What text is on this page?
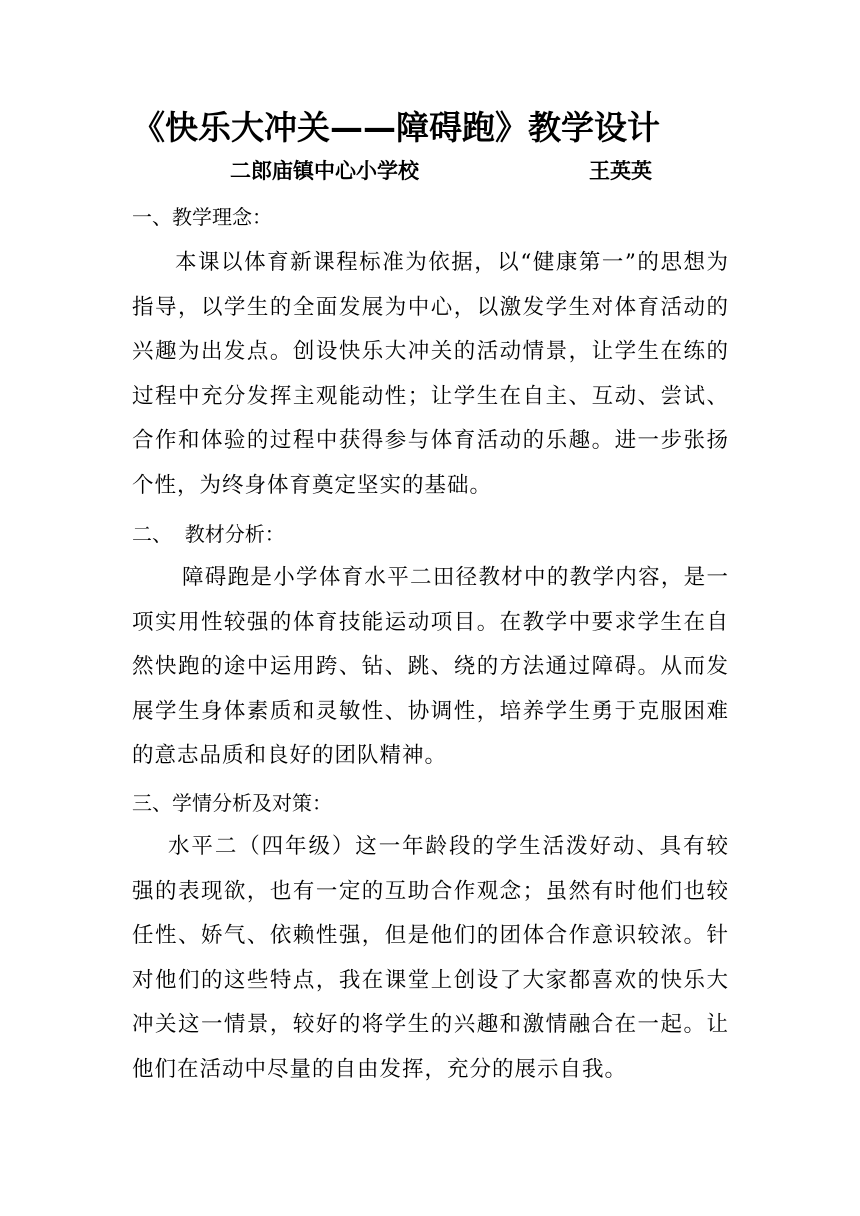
《快乐大冲关——障碍跑》教学设计
二郎庙镇中心小学校	王英英
一、教学理念：
本课以体育新课程标准为依据，以“健康第一”的思想为指导，以学生的全面发展为中心，以激发学生对体育活动的兴趣为出发点。创设快乐大冲关的活动情景，让学生在练的过程中充分发挥主观能动性；让学生在自主、互动、尝试、合作和体验的过程中获得参与体育活动的乐趣。进一步张扬个性，为终身体育奠定坚实的基础。
二、  教材分析：
障碍跑是小学体育水平二田径教材中的教学内容，是一项实用性较强的体育技能运动项目。在教学中要求学生在自然快跑的途中运用跨、钻、跳、绕的方法通过障碍。从而发展学生身体素质和灵敏性、协调性，培养学生勇于克服困难的意志品质和良好的团队精神。
三、学情分析及对策：
水平二（四年级）这一年龄段的学生活泼好动、具有较强的表现欲，也有一定的互助合作观念；虽然有时他们也较任性、娇气、依赖性强，但是他们的团体合作意识较浓。针对他们的这些特点，我在课堂上创设了大家都喜欢的快乐大冲关这一情景，较好的将学生的兴趣和激情融合在一起。让他们在活动中尽量的自由发挥，充分的展示自我。
